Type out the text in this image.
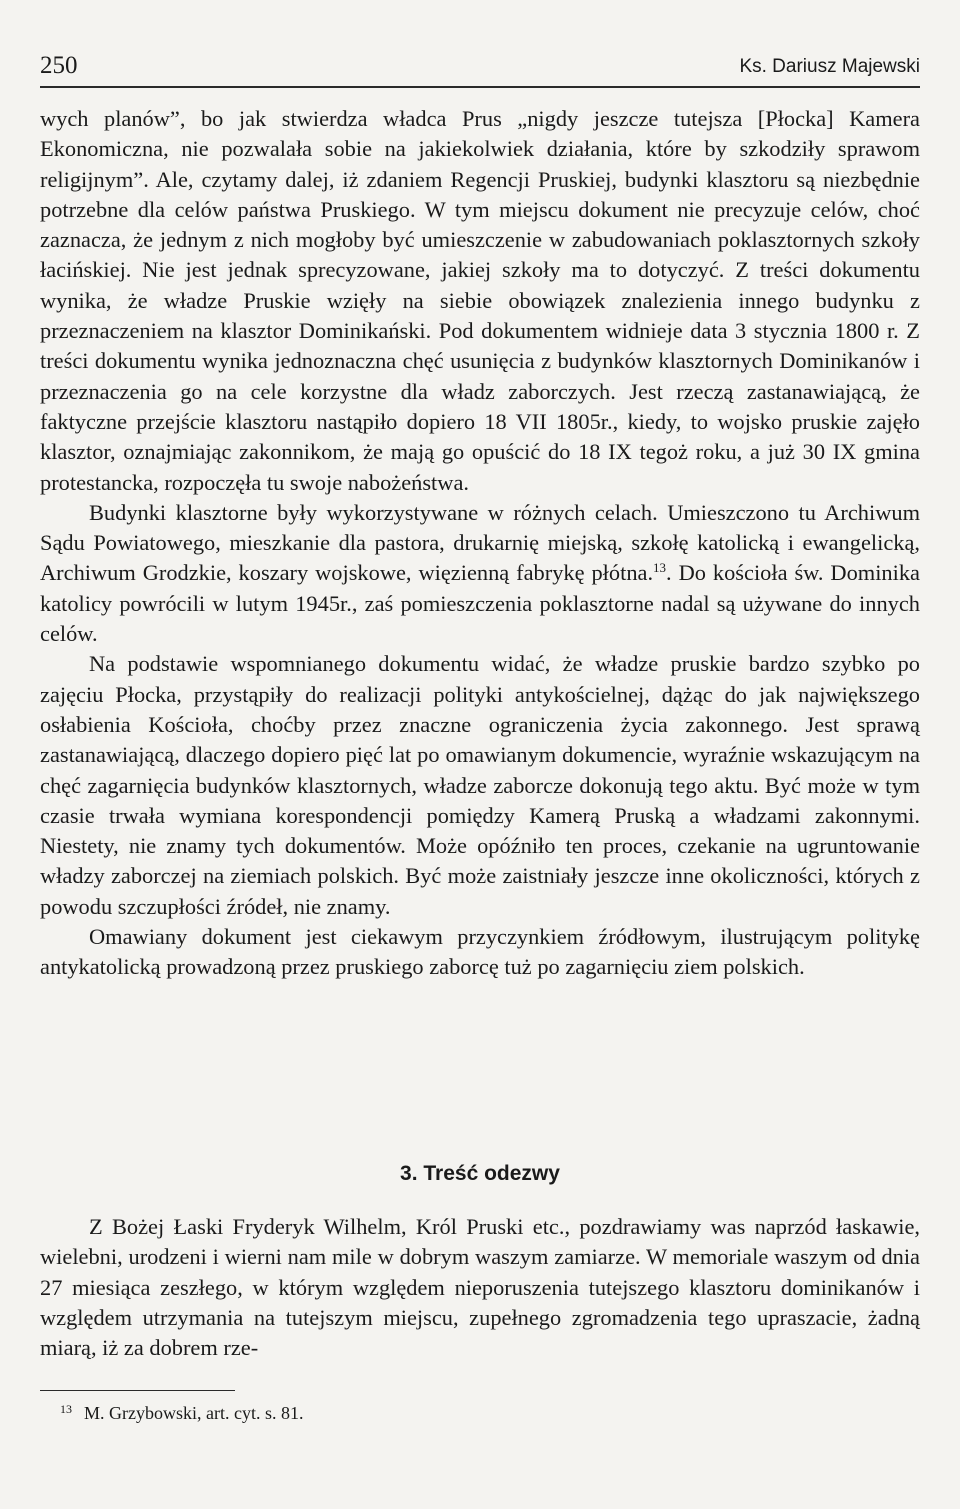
250	Ks. Dariusz Majewski

wych planów”, bo jak stwierdza władca Prus „nigdy jeszcze tutejsza [Płocka] Kamera Ekonomiczna, nie pozwalała sobie na jakiekolwiek działania, które by szkodziły sprawom religijnym”. Ale, czytamy dalej, iż zdaniem Regencji Pruskiej, budynki klasztoru są niezbędnie potrzebne dla celów państwa Pruskiego. W tym miejscu dokument nie precyzuje celów, choć zaznacza, że jednym z nich mogłoby być umieszczenie w zabudowaniach poklasztornych szkoły łacińskiej. Nie jest jednak sprecyzowane, jakiej szkoły ma to dotyczyć. Z treści dokumentu wynika, że władze Pruskie wzięły na siebie obowiązek znalezienia innego budynku z przeznaczeniem na klasztor Dominikański. Pod dokumentem widnieje data 3 stycznia 1800 r. Z treści dokumentu wynika jednoznaczna chęć usunięcia z budynków klasztornych Dominikanów i przeznaczenia go na cele korzystne dla władz zaborczych. Jest rzeczą zastanawiającą, że faktyczne przejście klasztoru nastąpiło dopiero 18 VII 1805r., kiedy, to wojsko pruskie zajęło klasztor, oznajmiając zakonnikom, że mają go opuścić do 18 IX tegoż roku, a już 30 IX gmina protestancka, rozpoczęła tu swoje nabożeństwa.

Budynki klasztorne były wykorzystywane w różnych celach. Umieszczono tu Archiwum Sądu Powiatowego, mieszkanie dla pastora, drukarnię miejską, szkołę katolicką i ewangelicką, Archiwum Grodzkie, koszary wojskowe, więzienną fabrykę płótna.$^{13}$. Do kościoła św. Dominika katolicy powrócili w lutym 1945r., zaś pomieszczenia poklasztorne nadal są używane do innych celów.

Na podstawie wspomnianego dokumentu widać, że władze pruskie bardzo szybko po zajęciu Płocka, przystąpiły do realizacji polityki antykościelnej, dążąc do jak największego osłabienia Kościoła, choćby przez znaczne ograniczenia życia zakonnego. Jest sprawą zastanawiającą, dlaczego dopiero pięć lat po omawianym dokumencie, wyraźnie wskazującym na chęć zagarnięcia budynków klasztornych, władze zaborcze dokonują tego aktu. Być może w tym czasie trwała wymiana korespondencji pomiędzy Kamerą Pruską a władzami zakonnymi. Niestety, nie znamy tych dokumentów. Może opóźniło ten proces, czekanie na ugruntowanie władzy zaborczej na ziemiach polskich. Być może zaistniały jeszcze inne okoliczności, których z powodu szczupłości źródeł, nie znamy.

Omawiany dokument jest ciekawym przyczynkiem źródłowym, ilustrującym politykę antykatolicką prowadzoną przez pruskiego zaborcę tuż po zagarnięciu ziem polskich.

3. Treść odezwy

Z Bożej Łaski Fryderyk Wilhelm, Król Pruski etc., pozdrawiamy was naprzód łaskawie, wielebni, urodzeni i wierni nam mile w dobrym waszym zamiarze. W memoriale waszym od dnia 27 miesiąca zeszłego, w którym względem nieporuszenia tutejszego klasztoru dominikanów i względem utrzymania na tutejszym miejscu, zupełnego zgromadzenia tego upraszacie, żadną miarą, iż za dobrem rze-

$^{13}$ M. Grzybowski, art. cyt. s. 81.
